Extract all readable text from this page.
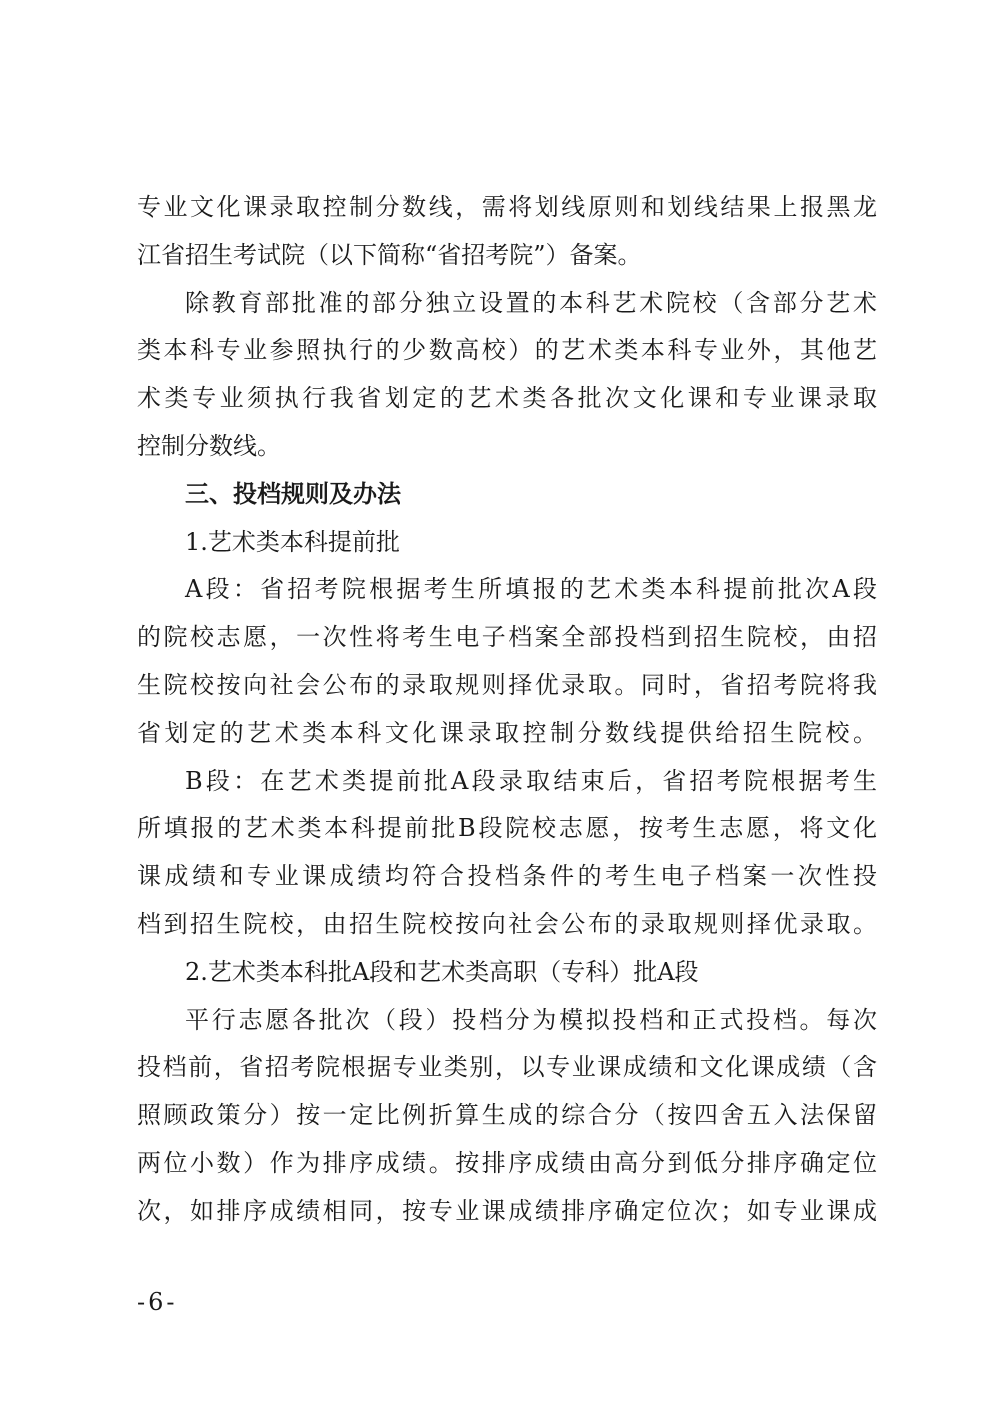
专业文化课录取控制分数线，需将划线原则和划线结果上报黑龙
江省招生考试院（以下简称“省招考院”）备案。
除教育部批准的部分独立设置的本科艺术院校（含部分艺术
类本科专业参照执行的少数高校）的艺术类本科专业外，其他艺
术类专业须执行我省划定的艺术类各批次文化课和专业课录取
控制分数线。
三、投档规则及办法
1.艺术类本科提前批
A段：省招考院根据考生所填报的艺术类本科提前批次A段
的院校志愿，一次性将考生电子档案全部投档到招生院校，由招
生院校按向社会公布的录取规则择优录取。同时，省招考院将我
省划定的艺术类本科文化课录取控制分数线提供给招生院校。
B段：在艺术类提前批A段录取结束后，省招考院根据考生
所填报的艺术类本科提前批B段院校志愿，按考生志愿，将文化
课成绩和专业课成绩均符合投档条件的考生电子档案一次性投
档到招生院校，由招生院校按向社会公布的录取规则择优录取。
2.艺术类本科批A段和艺术类高职（专科）批A段
平行志愿各批次（段）投档分为模拟投档和正式投档。每次
投档前，省招考院根据专业类别，以专业课成绩和文化课成绩（含
照顾政策分）按一定比例折算生成的综合分（按四舍五入法保留
两位小数）作为排序成绩。按排序成绩由高分到低分排序确定位
次，如排序成绩相同，按专业课成绩排序确定位次；如专业课成
-6-
